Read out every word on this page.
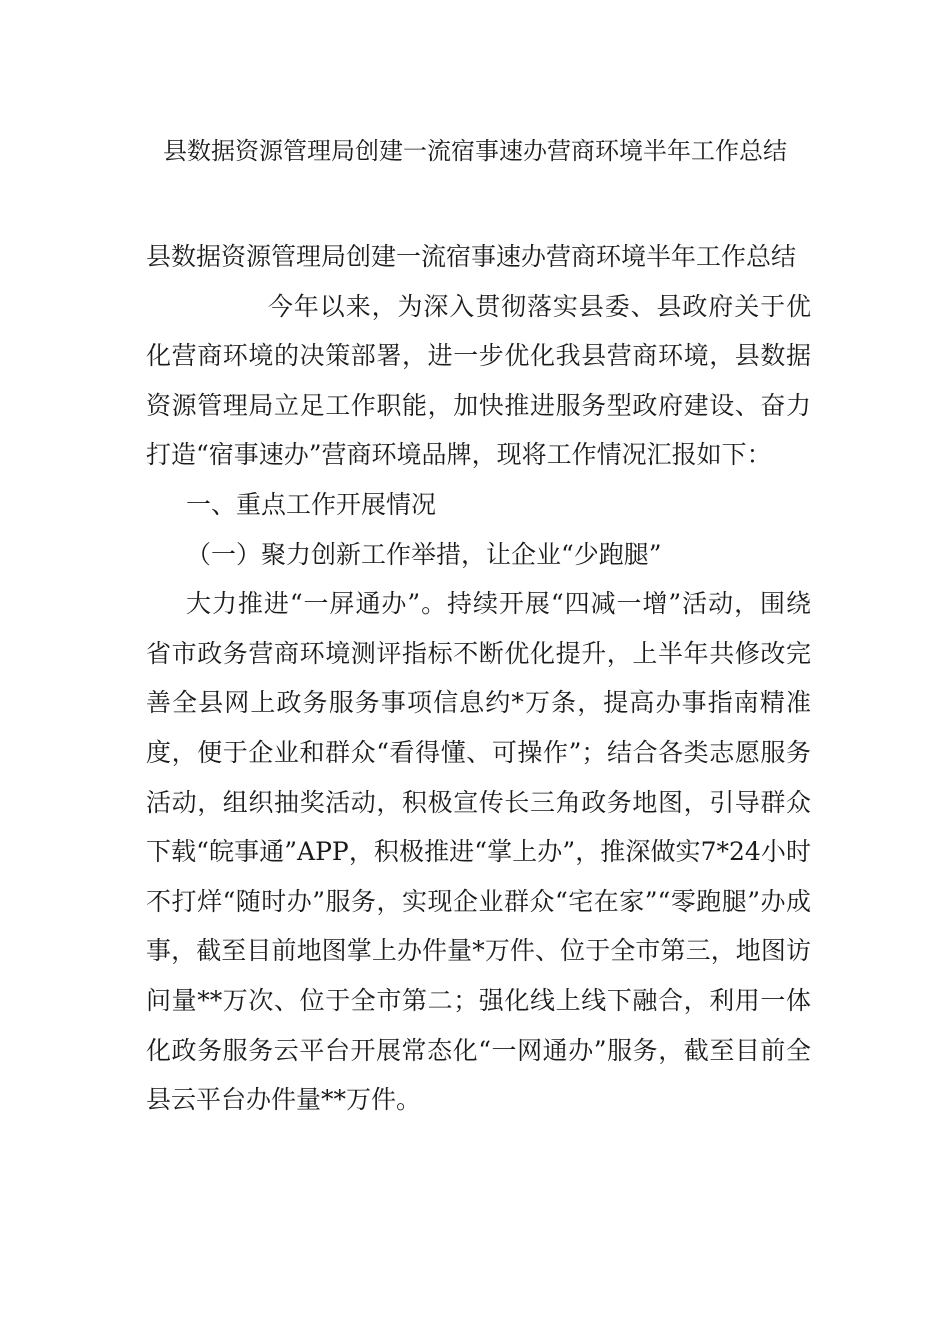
县数据资源管理局创建一流宿事速办营商环境半年工作总结

县数据资源管理局创建一流宿事速办营商环境半年工作总结

今年以来，为深入贯彻落实县委、县政府关于优化营商环境的决策部署，进一步优化我县营商环境，县数据资源管理局立足工作职能，加快推进服务型政府建设、奋力打造“宿事速办”营商环境品牌，现将工作情况汇报如下：

一、重点工作开展情况

（一）聚力创新工作举措，让企业“少跑腿”

大力推进“一屏通办”。持续开展“四减一增”活动，围绕省市政务营商环境测评指标不断优化提升，上半年共修改完善全县网上政务服务事项信息约*万条，提高办事指南精准度，便于企业和群众“看得懂、可操作”；结合各类志愿服务活动，组织抽奖活动，积极宣传长三角政务地图，引导群众下载“皖事通”APP，积极推进“掌上办”，推深做实7*24小时不打烊“随时办”服务，实现企业群众“宅在家”“零跑腿”办成事，截至目前地图掌上办件量*万件、位于全市第三，地图访问量**万次、位于全市第二；强化线上线下融合，利用一体化政务服务云平台开展常态化“一网通办”服务，截至目前全县云平台办件量**万件。
